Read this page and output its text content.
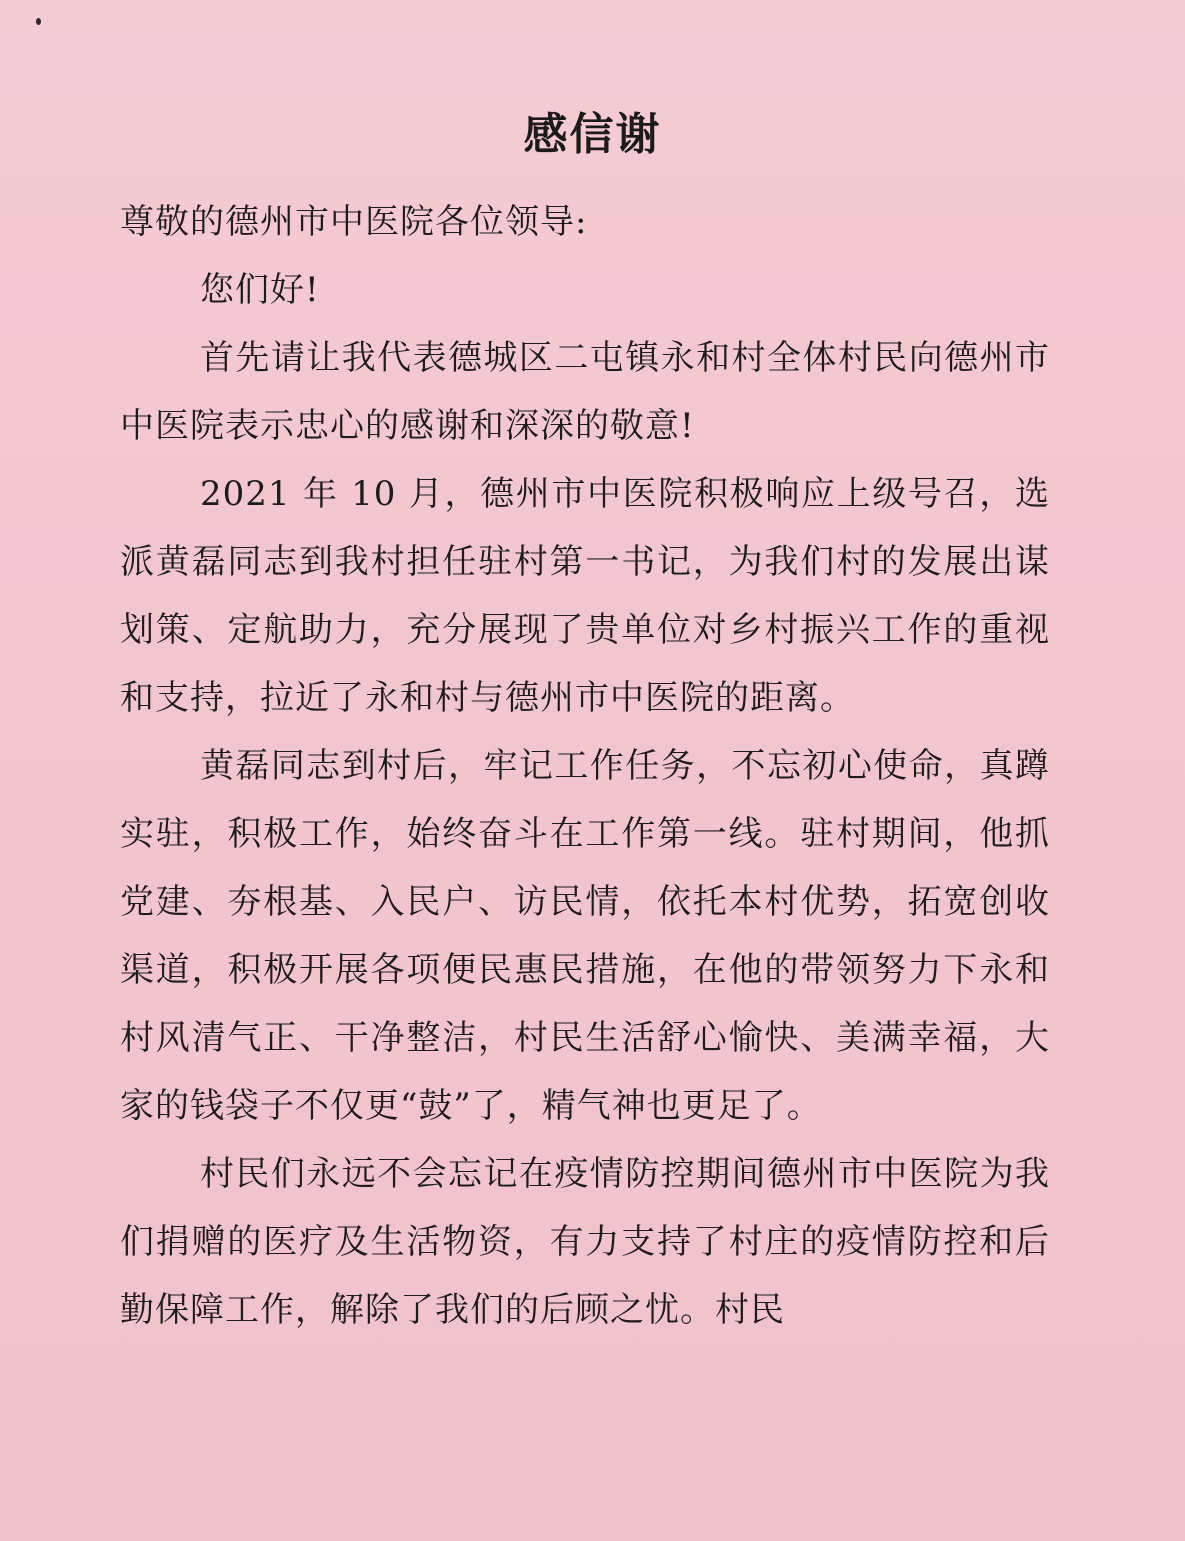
感信谢

尊敬的德州市中医院各位领导:

您们好!

首先请让我代表德城区二屯镇永和村全体村民向德州市中医院表示忠心的感谢和深深的敬意!

2021 年 10 月，德州市中医院积极响应上级号召，选派黄磊同志到我村担任驻村第一书记，为我们村的发展出谋划策、定航助力，充分展现了贵单位对乡村振兴工作的重视和支持，拉近了永和村与德州市中医院的距离。

黄磊同志到村后，牢记工作任务，不忘初心使命，真蹲实驻，积极工作，始终奋斗在工作第一线。驻村期间，他抓党建、夯根基、入民户、访民情，依托本村优势，拓宽创收渠道，积极开展各项便民惠民措施，在他的带领努力下永和村风清气正、干净整洁，村民生活舒心愉快、美满幸福，大家的钱袋子不仅更“鼓”了，精气神也更足了。

村民们永远不会忘记在疫情防控期间德州市中医院为我们捐赠的医疗及生活物资，有力支持了村庄的疫情防控和后勤保障工作，解除了我们的后顾之忧。村民
